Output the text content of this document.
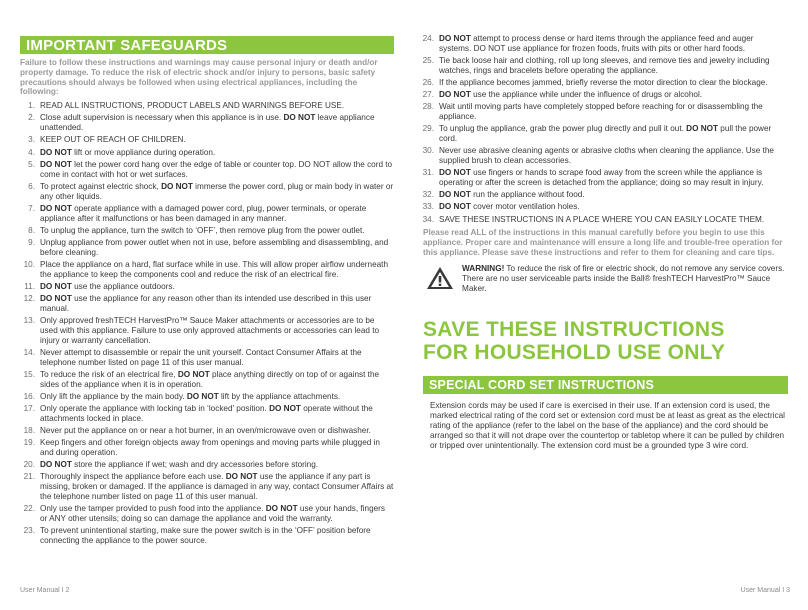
IMPORTANT SAFEGUARDS
Failure to follow these instructions and warnings may cause personal injury or death and/or property damage. To reduce the risk of electric shock and/or injury to persons, basic safety precautions should always be followed when using electrical appliances, including the following:
1. READ ALL INSTRUCTIONS, PRODUCT LABELS AND WARNINGS BEFORE USE.
2. Close adult supervision is necessary when this appliance is in use. DO NOT leave appliance unattended.
3. KEEP OUT OF REACH OF CHILDREN.
4. DO NOT lift or move appliance during operation.
5. DO NOT let the power cord hang over the edge of table or counter top. DO NOT allow the cord to come in contact with hot or wet surfaces.
6. To protect against electric shock, DO NOT immerse the power cord, plug or main body in water or any other liquids.
7. DO NOT operate appliance with a damaged power cord, plug, power terminals, or operate appliance after it malfunctions or has been damaged in any manner.
8. To unplug the appliance, turn the switch to ‘OFF’, then remove plug from the power outlet.
9. Unplug appliance from power outlet when not in use, before assembling and disassembling, and before cleaning.
10. Place the appliance on a hard, flat surface while in use. This will allow proper airflow underneath the appliance to keep the components cool and reduce the risk of an electrical fire.
11. DO NOT use the appliance outdoors.
12. DO NOT use the appliance for any reason other than its intended use described in this user manual.
13. Only approved freshTECH HarvestPro™ Sauce Maker attachments or accessories are to be used with this appliance. Failure to use only approved attachments or accessories can lead to injury or warranty cancellation.
14. Never attempt to disassemble or repair the unit yourself. Contact Consumer Affairs at the telephone number listed on page 11 of this user manual.
15. To reduce the risk of an electrical fire, DO NOT place anything directly on top of or against the sides of the appliance when it is in operation.
16. Only lift the appliance by the main body. DO NOT lift by the appliance attachments.
17. Only operate the appliance with locking tab in ‘locked’ position. DO NOT operate without the attachments locked in place.
18. Never put the appliance on or near a hot burner, in an oven/microwave oven or dishwasher.
19. Keep fingers and other foreign objects away from openings and moving parts while plugged in and during operation.
20. DO NOT store the appliance if wet; wash and dry accessories before storing.
21. Thoroughly inspect the appliance before each use. DO NOT use the appliance if any part is missing, broken or damaged. If the appliance is damaged in any way, contact Consumer Affairs at the telephone number listed on page 11 of this user manual.
22. Only use the tamper provided to push food into the appliance. DO NOT use your hands, fingers or ANY other utensils; doing so can damage the appliance and void the warranty.
23. To prevent unintentional starting, make sure the power switch is in the ‘OFF’ position before connecting the appliance to the power source.
User Manual I 2
24. DO NOT attempt to process dense or hard items through the appliance feed and auger systems. DO NOT use appliance for frozen foods, fruits with pits or other hard foods.
25. Tie back loose hair and clothing, roll up long sleeves, and remove ties and jewelry including watches, rings and bracelets before operating the appliance.
26. If the appliance becomes jammed, briefly reverse the motor direction to clear the blockage.
27. DO NOT use the appliance while under the influence of drugs or alcohol.
28. Wait until moving parts have completely stopped before reaching for or disassembling the appliance.
29. To unplug the appliance, grab the power plug directly and pull it out. DO NOT pull the power cord.
30. Never use abrasive cleaning agents or abrasive cloths when cleaning the appliance. Use the supplied brush to clean accessories.
31. DO NOT use fingers or hands to scrape food away from the screen while the appliance is operating or after the screen is detached from the appliance; doing so may result in injury.
32. DO NOT run the appliance without food.
33. DO NOT cover motor ventilation holes.
34. SAVE THESE INSTRUCTIONS IN A PLACE WHERE YOU CAN EASILY LOCATE THEM.
Please read ALL of the instructions in this manual carefully before you begin to use this appliance. Proper care and maintenance will ensure a long life and trouble-free operation for this appliance. Please save these instructions and refer to them for cleaning and care tips.
WARNING! To reduce the risk of fire or electric shock, do not remove any service covers. There are no user serviceable parts inside the Ball® freshTECH HarvestPro™ Sauce Maker.
SAVE THESE INSTRUCTIONS
FOR HOUSEHOLD USE ONLY
SPECIAL CORD SET INSTRUCTIONS
Extension cords may be used if care is exercised in their use. If an extension cord is used, the marked electrical rating of the cord set or extension cord must be at least as great as the electrical rating of the appliance (refer to the label on the base of the appliance) and the cord should be arranged so that it will not drape over the countertop or tabletop where it can be pulled by children or tripped over unintentionally. The extension cord must be a grounded type 3 wire cord.
User Manual I 3
